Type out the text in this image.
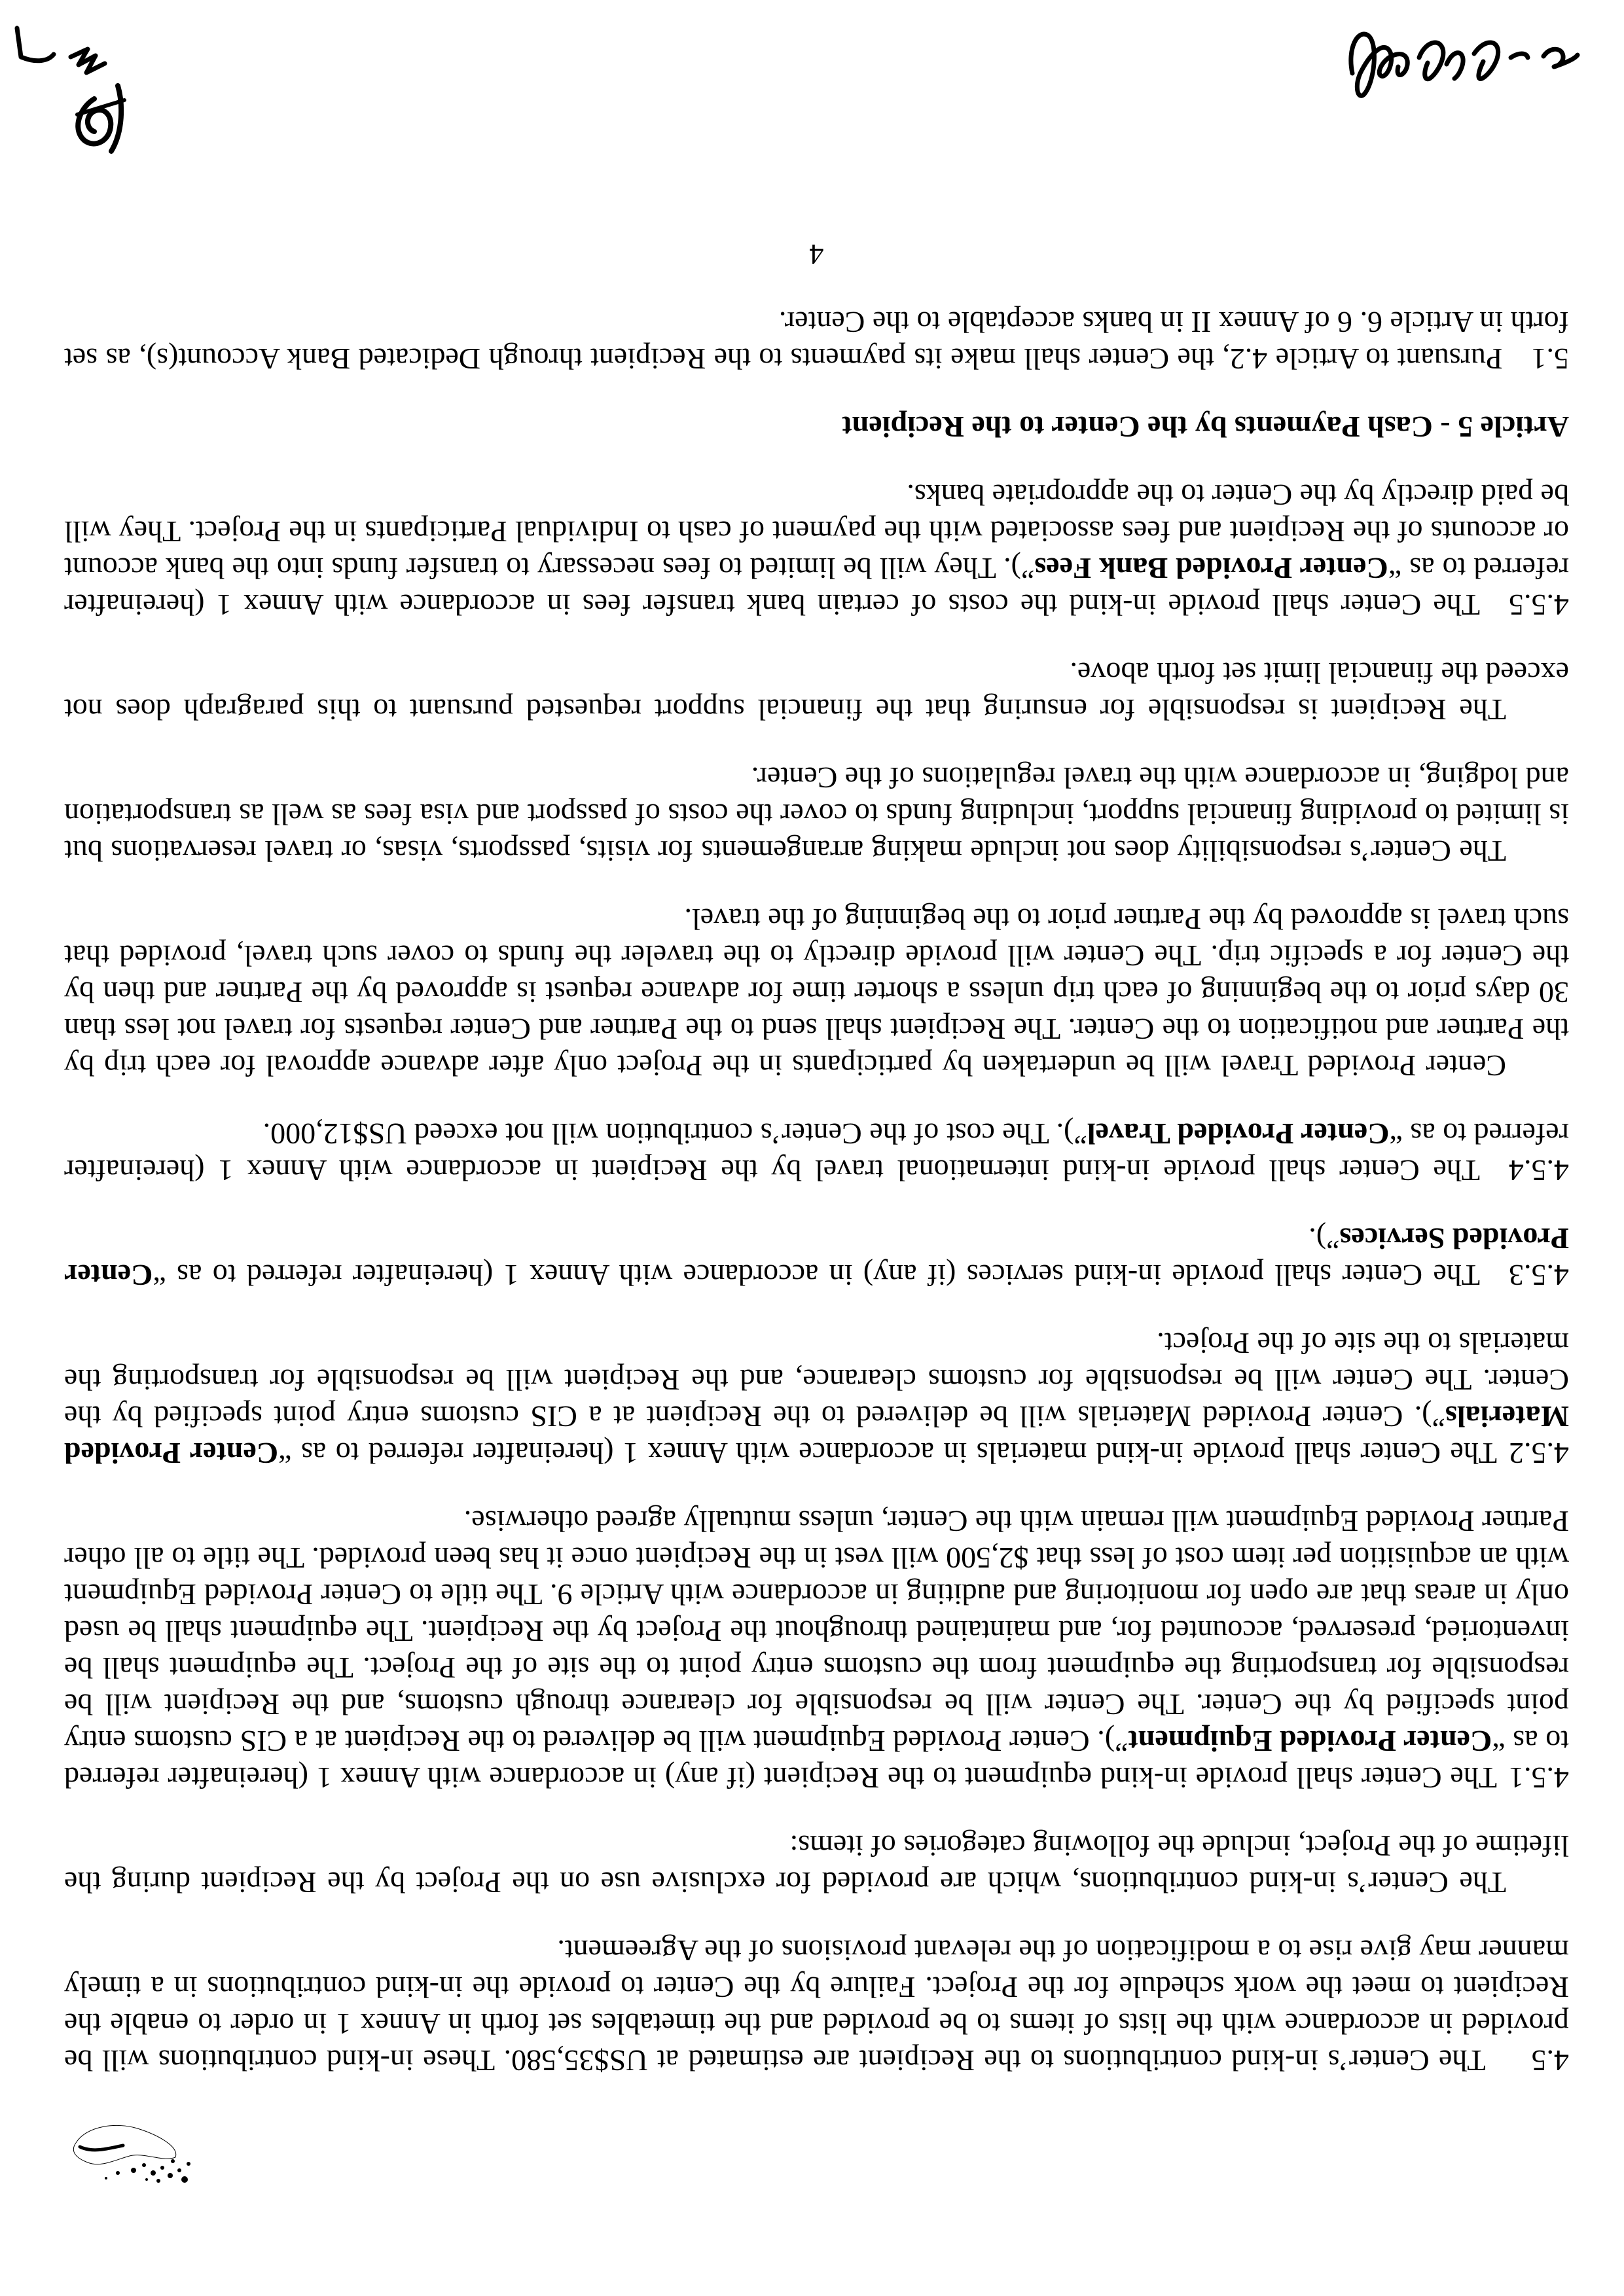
4.5The Center’s in-kind contributions to the Recipient are estimated at US$35,580. These in-kind contributions will be provided in accordance with the lists of items to be provided and the timetables set forth in Annex 1 in order to enable the Recipient to meet the work schedule for the Project. Failure by the Center to provide the in-kind contributions in a timely manner may give rise to a modification of the relevant provisions of the Agreement.

The Center’s in-kind contributions, which are provided for exclusive use on the Project by the Recipient during the lifetime of the Project, include the following categories of items:

4.5.1The Center shall provide in-kind equipment to the Recipient (if any) in accordance with Annex 1 (hereinafter referred to as “Center Provided Equipment”). Center Provided Equipment will be delivered to the Recipient at a CIS customs entry point specified by the Center. The Center will be responsible for clearance through customs, and the Recipient will be responsible for transporting the equipment from the customs entry point to the site of the Project. The equipment shall be inventoried, preserved, accounted for, and maintained throughout the Project by the Recipient. The equipment shall be used only in areas that are open for monitoring and auditing in accordance with Article 9. The title to Center Provided Equipment with an acquisition per item cost of less that $2,500 will vest in the Recipient once it has been provided. The title to all other Partner Provided Equipment will remain with the Center, unless mutually agreed otherwise.

4.5.2The Center shall provide in-kind materials in accordance with Annex 1 (hereinafter referred to as “Center Provided Materials”). Center Provided Materials will be delivered to the Recipient at a CIS customs entry point specified by the Center. The Center will be responsible for customs clearance, and the Recipient will be responsible for transporting the materials to the site of the Project.

4.5.3The Center shall provide in-kind services (if any) in accordance with Annex 1 (hereinafter referred to as “Center Provided Services”).

4.5.4The Center shall provide in-kind international travel by the Recipient in accordance with Annex 1 (hereinafter referred to as “Center Provided Travel”). The cost of the Center’s contribution will not exceed US$12,000.

Center Provided Travel will be undertaken by participants in the Project only after advance approval for each trip by the Partner and notification to the Center. The Recipient shall send to the Partner and Center requests for travel not less than 30 days prior to the beginning of each trip unless a shorter time for advance request is approved by the Partner and then by the Center for a specific trip. The Center will provide directly to the traveler the funds to cover such travel, provided that such travel is approved by the Partner prior to the beginning of the travel.

The Center’s responsibility does not include making arrangements for visits, passports, visas, or travel reservations but is limited to providing financial support, including funds to cover the costs of passport and visa fees as well as transportation and lodging, in accordance with the travel regulations of the Center.

The Recipient is responsible for ensuring that the financial support requested pursuant to this paragraph does not exceed the financial limit set forth above.

4.5.5The Center shall provide in-kind the costs of certain bank transfer fees in accordance with Annex 1 (hereinafter referred to as “Center Provided Bank Fees”). They will be limited to fees necessary to transfer funds into the bank account or accounts of the Recipient and fees associated with the payment of cash to Individual Participants in the Project. They will be paid directly by the Center to the appropriate banks.

Article 5 - Cash Payments by the Center to the Recipient

5.1Pursuant to Article 4.2, the Center shall make its payments to the Recipient through Dedicated Bank Account(s), as set forth in Article 6. 6 of Annex II in banks acceptable to the Center.

4
